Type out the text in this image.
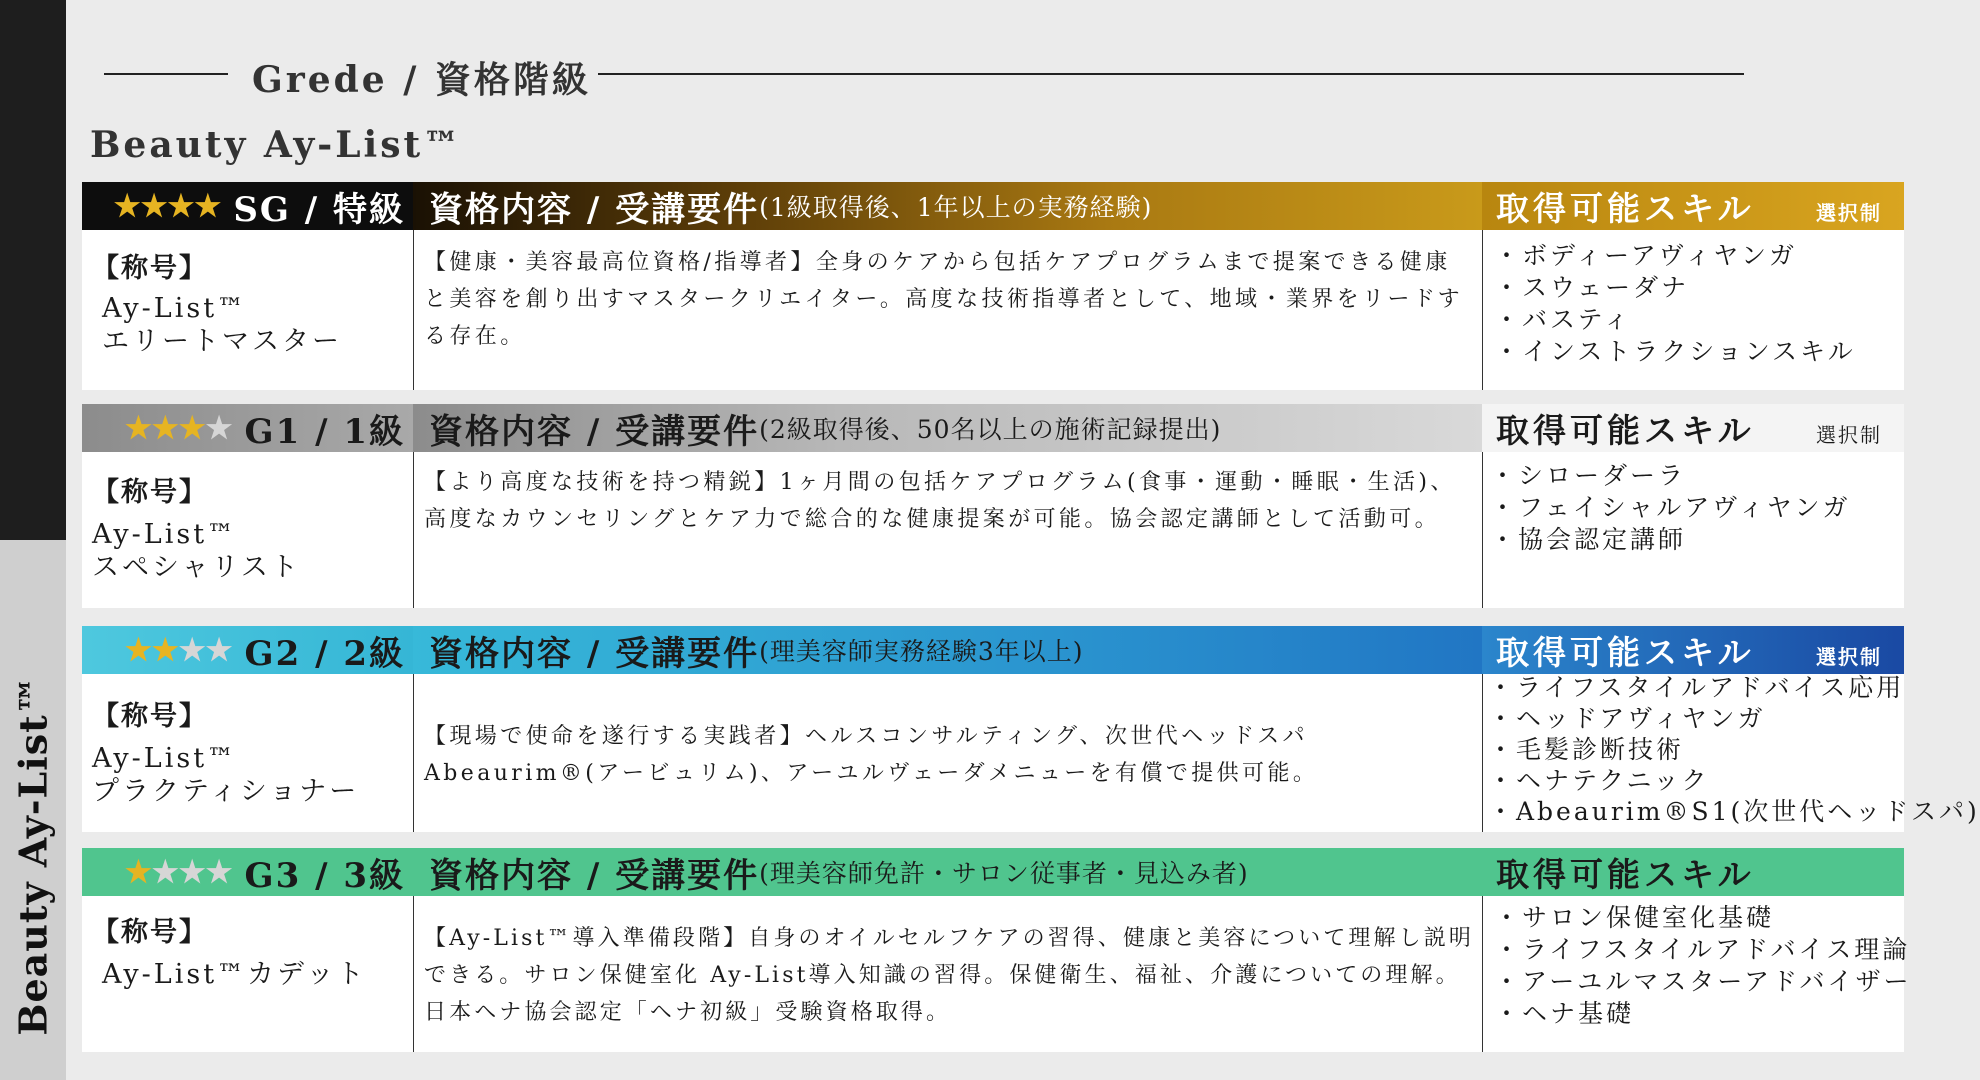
Beauty Ay-List™
Grede / 資格階級
Beauty Ay-List™
★★★★ SG / 特級 資格内容 / 受講要件 (1級取得後、1年以上の実務経験)	取得可能スキル	選択制
【称号】
Ay-List™
エリートマスター
【健康・美容最高位資格/指導者】全身のケアから包括ケアプログラムまで提案できる健康と美容を創り出すマスタークリエイター。高度な技術指導者として、地域・業界をリードする存在。
・ボディーアヴィヤンガ
・スウェーダナ
・バスティ
・インストラクションスキル
★★★★ G1 / 1級 資格内容 / 受講要件 (2級取得後、50名以上の施術記録提出)	取得可能スキル	選択制
【称号】
Ay-List™
スペシャリスト
【より高度な技術を持つ精鋭】1ヶ月間の包括ケアプログラム(食事・運動・睡眠・生活)、高度なカウンセリングとケア力で総合的な健康提案が可能。協会認定講師として活動可。
・シローダーラ
・フェイシャルアヴィヤンガ
・協会認定講師
★★★★ G2 / 2級 資格内容 / 受講要件 (理美容師実務経験3年以上)	取得可能スキル	選択制
【称号】
Ay-List™
プラクティショナー
【現場で使命を遂行する実践者】ヘルスコンサルティング、次世代ヘッドスパAbeaurim®(アービュリム)、アーユルヴェーダメニューを有償で提供可能。
・ライフスタイルアドバイス応用
・ヘッドアヴィヤンガ
・毛髪診断技術
・ヘナテクニック
・Abeaurim®S1(次世代ヘッドスパ)
★★★★ G3 / 3級 資格内容 / 受講要件 (理美容師免許・サロン従事者・見込み者)	取得可能スキル
【称号】
Ay-List™カデット
【Ay-List™導入準備段階】自身のオイルセルフケアの習得、健康と美容について理解し説明できる。サロン保健室化 Ay-List導入知識の習得。保健衛生、福祉、介護についての理解。日本ヘナ協会認定「ヘナ初級」受験資格取得。
・サロン保健室化基礎
・ライフスタイルアドバイス理論
・アーユルマスターアドバイザー
・ヘナ基礎
